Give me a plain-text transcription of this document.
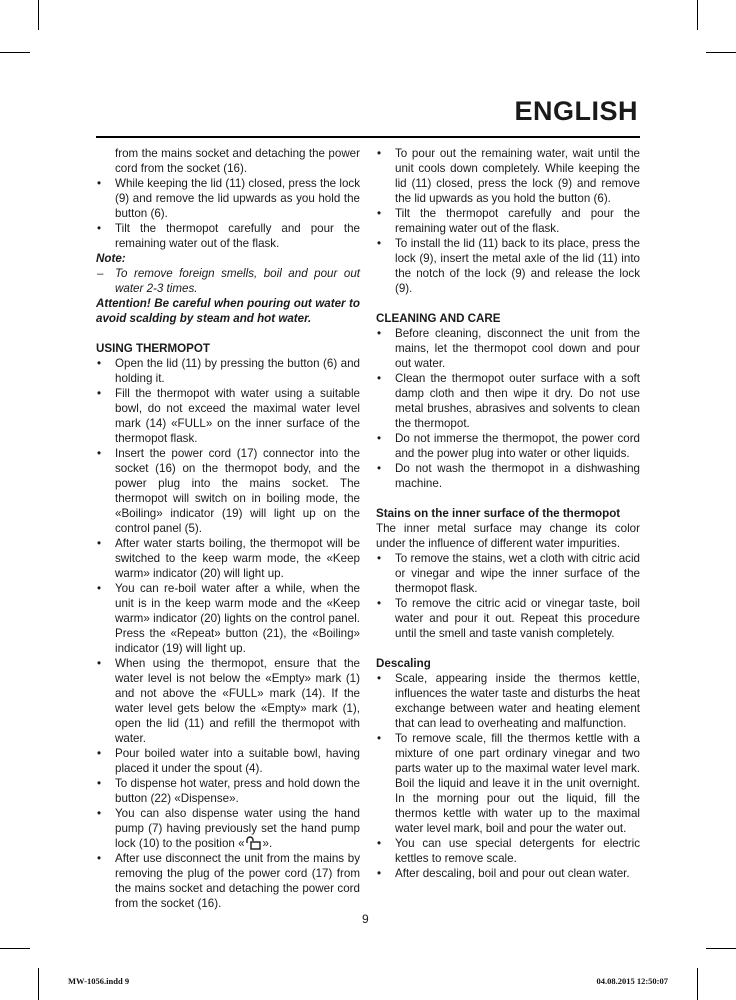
ENGLISH

from the mains socket and detaching the power cord from the socket (16).

• While keeping the lid (11) closed, press the lock (9) and remove the lid upwards as you hold the button (6).
• Tilt the thermopot carefully and pour the remaining water out of the flask.

Note:

– To remove foreign smells, boil and pour out water 2-3 times.

Attention! Be careful when pouring out water to avoid scalding by steam and hot water.

USING THERMOPOT

• Open the lid (11) by pressing the button (6) and holding it.
• Fill the thermopot with water using a suitable bowl, do not exceed the maximal water level mark (14) «FULL» on the inner surface of the thermopot flask.
• Insert the power cord (17) connector into the socket (16) on the thermopot body, and the power plug into the mains socket. The thermopot will switch on in boiling mode, the «Boiling» indicator (19) will light up on the control panel (5).
• After water starts boiling, the thermopot will be switched to the keep warm mode, the «Keep warm» indicator (20) will light up.
• You can re-boil water after a while, when the unit is in the keep warm mode and the «Keep warm» indicator (20) lights on the control panel. Press the «Repeat» button (21), the «Boiling» indicator (19) will light up.
• When using the thermopot, ensure that the water level is not below the «Empty» mark (1) and not above the «FULL» mark (14). If the water level gets below the «Empty» mark (1), open the lid (11) and refill the thermopot with water.
• Pour boiled water into a suitable bowl, having placed it under the spout (4).
• To dispense hot water, press and hold down the button (22) «Dispense».
• You can also dispense water using the hand pump (7) having previously set the hand pump lock (10) to the position « ».
• After use disconnect the unit from the mains by removing the plug of the power cord (17) from the mains socket and detaching the power cord from the socket (16).
• To pour out the remaining water, wait until the unit cools down completely. While keeping the lid (11) closed, press the lock (9) and remove the lid upwards as you hold the button (6).
• Tilt the thermopot carefully and pour the remaining water out of the flask.
• To install the lid (11) back to its place, press the lock (9), insert the metal axle of the lid (11) into the notch of the lock (9) and release the lock (9).

CLEANING AND CARE

• Before cleaning, disconnect the unit from the mains, let the thermopot cool down and pour out water.
• Clean the thermopot outer surface with a soft damp cloth and then wipe it dry. Do not use metal brushes, abrasives and solvents to clean the thermopot.
• Do not immerse the thermopot, the power cord and the power plug into water or other liquids.
• Do not wash the thermopot in a dishwashing machine.

Stains on the inner surface of the thermopot

The inner metal surface may change its color under the influence of different water impurities.

• To remove the stains, wet a cloth with citric acid or vinegar and wipe the inner surface of the thermopot flask.
• To remove the citric acid or vinegar taste, boil water and pour it out. Repeat this procedure until the smell and taste vanish completely.

Descaling

• Scale, appearing inside the thermos kettle, influences the water taste and disturbs the heat exchange between water and heating element that can lead to overheating and malfunction.
• To remove scale, fill the thermos kettle with a mixture of one part ordinary vinegar and two parts water up to the maximal water level mark. Boil the liquid and leave it in the unit overnight. In the morning pour out the liquid, fill the thermos kettle with water up to the maximal water level mark, boil and pour the water out.
• You can use special detergents for electric kettles to remove scale.
• After descaling, boil and pour out clean water.
9
MW-1056.indd 9	04.08.2015 12:50:07
